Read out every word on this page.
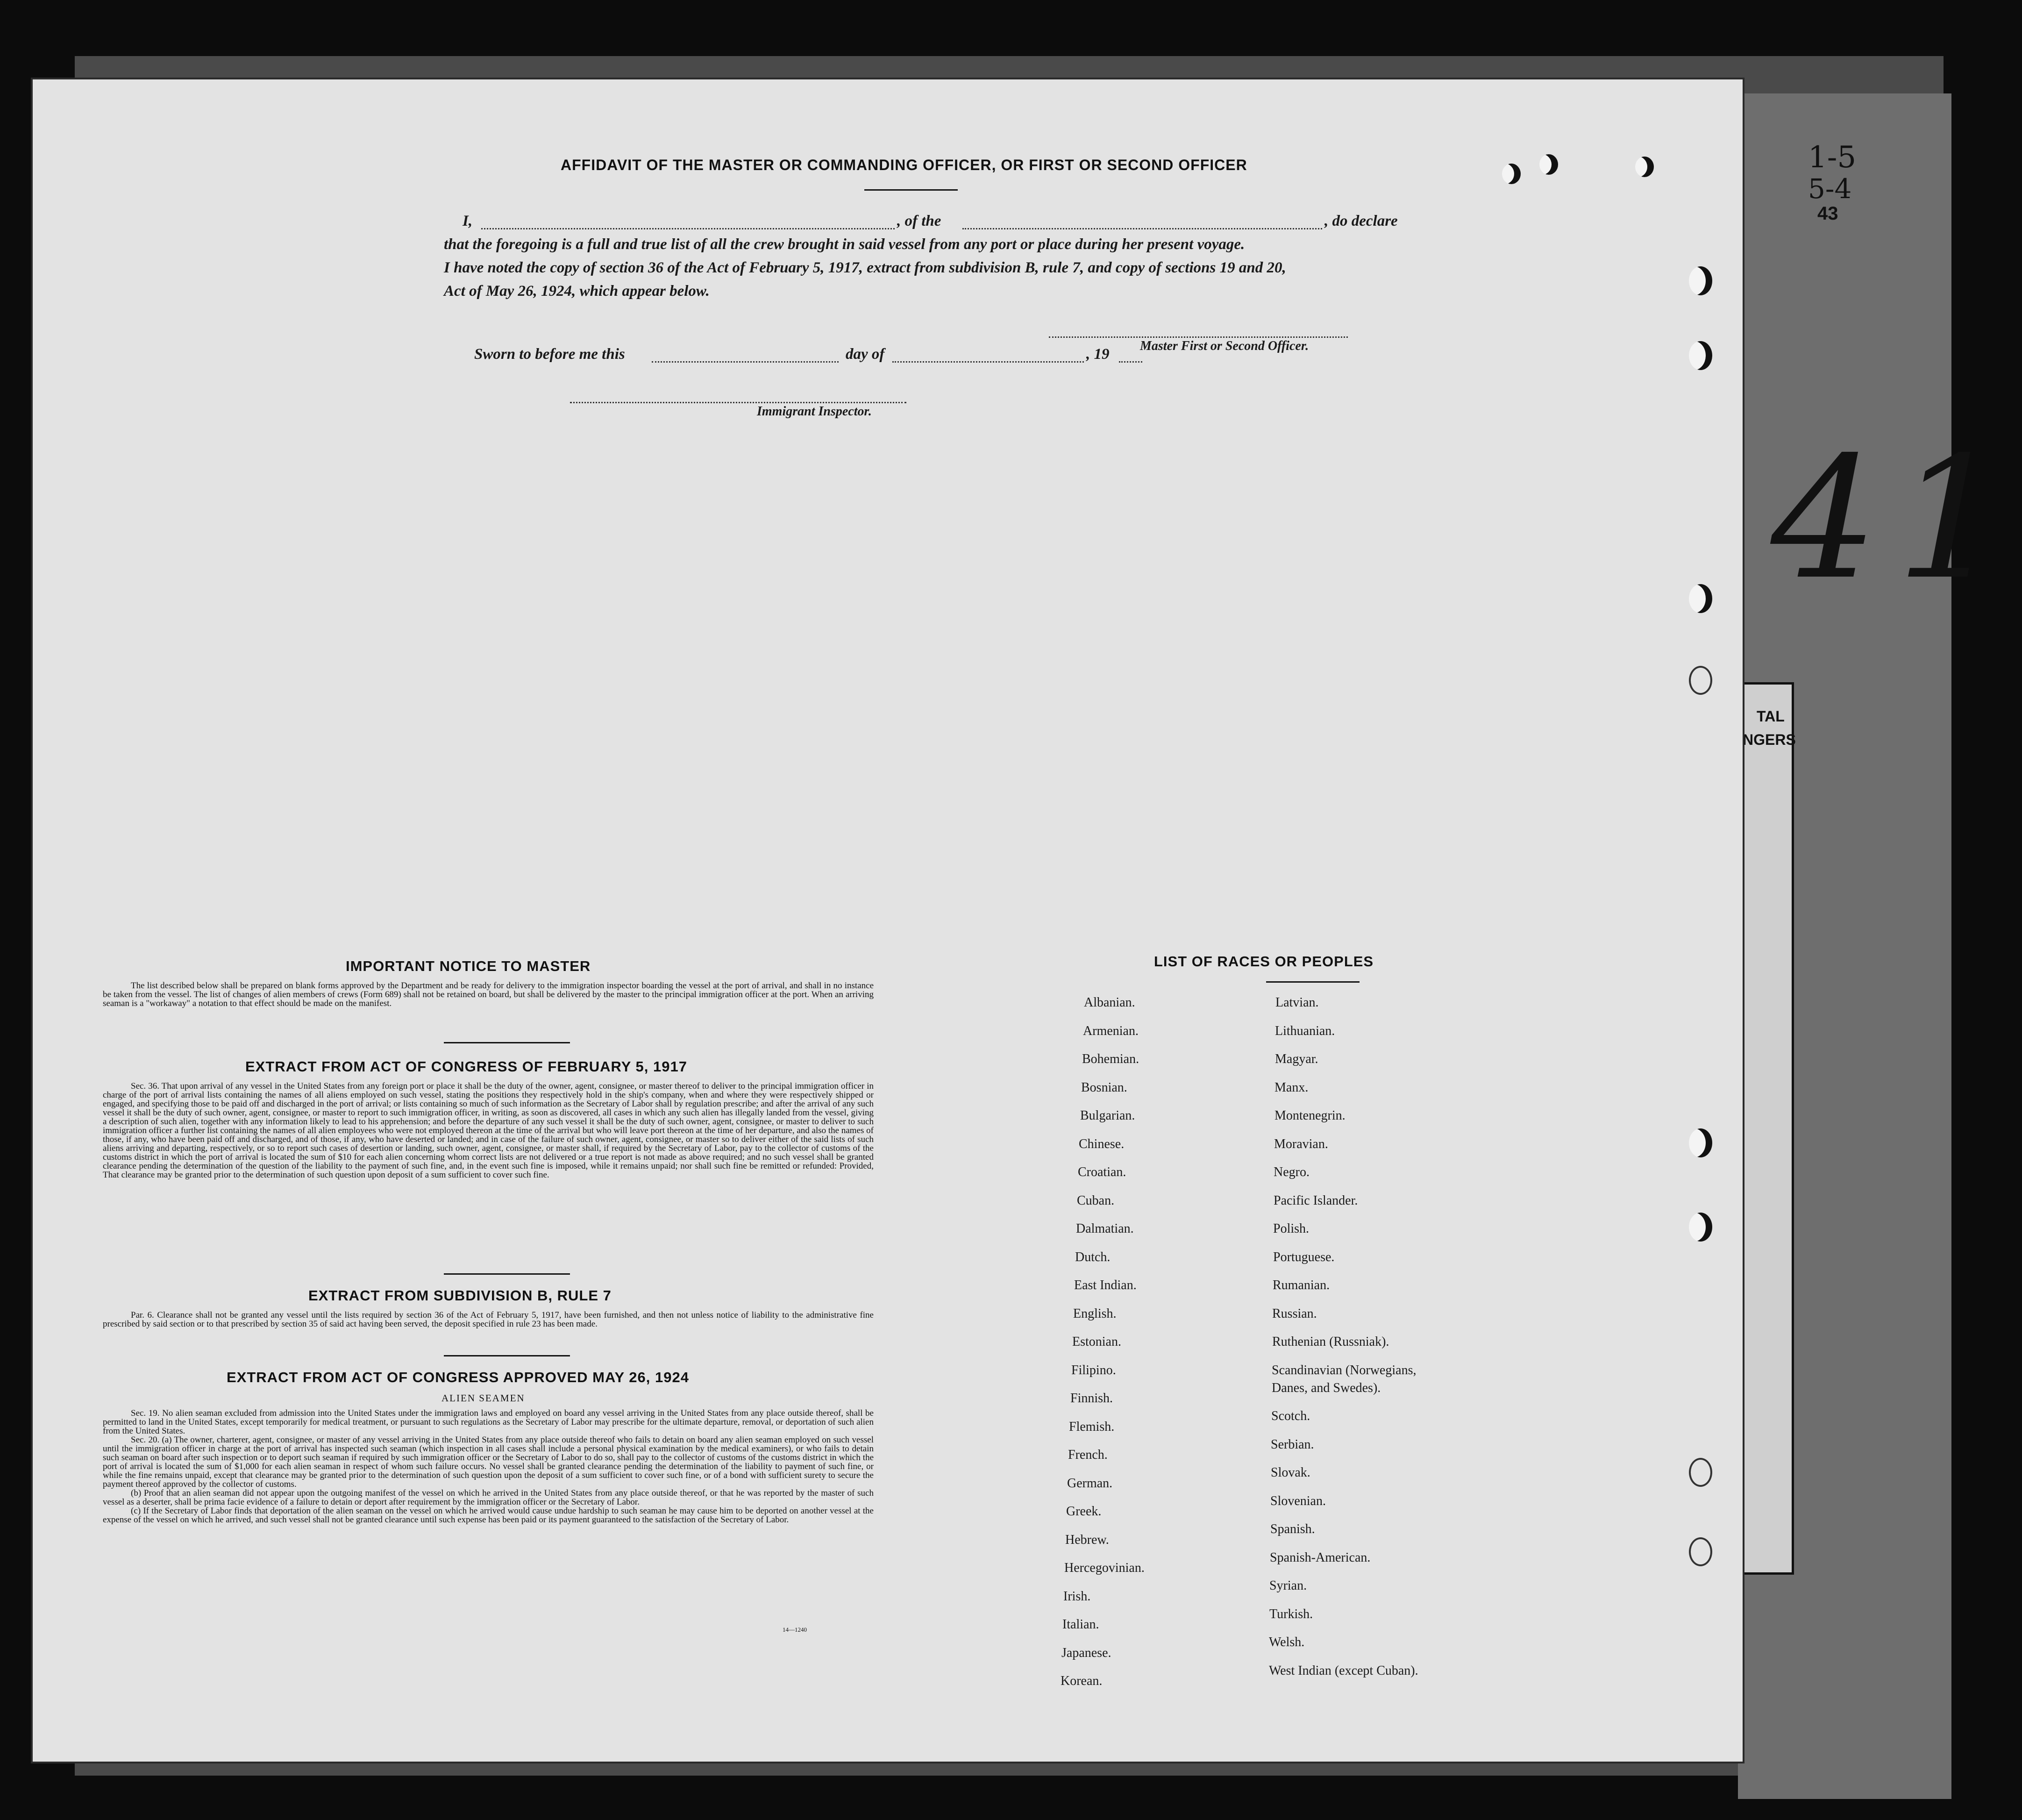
TAL
NGERS
1-5
5-4
43
41
AFFIDAVIT OF THE MASTER OR COMMANDING OFFICER, OR FIRST OR SECOND OFFICER
I,	, of the	, do declare
that the foregoing is a full and true list of all the crew brought in said vessel from any port or place during her present voyage.
I have noted the copy of section 36 of the Act of February 5, 1917, extract from subdivision B, rule 7, and copy of sections 19 and 20,
Act of May 26, 1924, which appear below.
Master First or Second Officer.
Sworn to before me this	day of	, 19
Immigrant Inspector.
IMPORTANT NOTICE TO MASTER

The list described below shall be prepared on blank forms approved by the Department and be ready for delivery to the immigration inspector boarding the vessel at the port of arrival, and shall in no instance be taken from the vessel. The list of changes of alien members of crews (Form 689) shall not be retained on board, but shall be delivered by the master to the principal immigration officer at the port. When an arriving seaman is a "workaway" a notation to that effect should be made on the manifest.

EXTRACT FROM ACT OF CONGRESS OF FEBRUARY 5, 1917

Sec. 36. That upon arrival of any vessel in the United States from any foreign port or place it shall be the duty of the owner, agent, consignee, or master thereof to deliver to the principal immigration officer in charge of the port of arrival lists containing the names of all aliens employed on such vessel, stating the positions they respectively hold in the ship's company, when and where they were respectively shipped or engaged, and specifying those to be paid off and discharged in the port of arrival; or lists containing so much of such information as the Secretary of Labor shall by regulation prescribe; and after the arrival of any such vessel it shall be the duty of such owner, agent, consignee, or master to report to such immigration officer, in writing, as soon as discovered, all cases in which any such alien has illegally landed from the vessel, giving a description of such alien, together with any information likely to lead to his apprehension; and before the departure of any such vessel it shall be the duty of such owner, agent, consignee, or master to deliver to such immigration officer a further list containing the names of all alien employees who were not employed thereon at the time of the arrival but who will leave port thereon at the time of her departure, and also the names of those, if any, who have been paid off and discharged, and of those, if any, who have deserted or landed; and in case of the failure of such owner, agent, consignee, or master so to deliver either of the said lists of such aliens arriving and departing, respectively, or so to report such cases of desertion or landing, such owner, agent, consignee, or master shall, if required by the Secretary of Labor, pay to the collector of customs of the customs district in which the port of arrival is located the sum of $10 for each alien concerning whom correct lists are not delivered or a true report is not made as above required; and no such vessel shall be granted clearance pending the determination of the question of the liability to the payment of such fine, and, in the event such fine is imposed, while it remains unpaid; nor shall such fine be remitted or refunded: Provided, That clearance may be granted prior to the determination of such question upon deposit of a sum sufficient to cover such fine.

EXTRACT FROM SUBDIVISION B, RULE 7

Par. 6. Clearance shall not be granted any vessel until the lists required by section 36 of the Act of February 5, 1917, have been furnished, and then not unless notice of liability to the administrative fine prescribed by said section or to that prescribed by section 35 of said act having been served, the deposit specified in rule 23 has been made.

EXTRACT FROM ACT OF CONGRESS APPROVED MAY 26, 1924
ALIEN SEAMEN

Sec. 19. No alien seaman excluded from admission into the United States under the immigration laws and employed on board any vessel arriving in the United States from any place outside thereof, shall be permitted to land in the United States, except temporarily for medical treatment, or pursuant to such regulations as the Secretary of Labor may prescribe for the ultimate departure, removal, or deportation of such alien from the United States.

Sec. 20. (a) The owner, charterer, agent, consignee, or master of any vessel arriving in the United States from any place outside thereof who fails to detain on board any alien seaman employed on such vessel until the immigration officer in charge at the port of arrival has inspected such seaman (which inspection in all cases shall include a personal physical examination by the medical examiners), or who fails to detain such seaman on board after such inspection or to deport such seaman if required by such immigration officer or the Secretary of Labor to do so, shall pay to the collector of customs of the customs district in which the port of arrival is located the sum of $1,000 for each alien seaman in respect of whom such failure occurs. No vessel shall be granted clearance pending the determination of the liability to payment of such fine, or while the fine remains unpaid, except that clearance may be granted prior to the determination of such question upon the deposit of a sum sufficient to cover such fine, or of a bond with sufficient surety to secure the payment thereof approved by the collector of customs.

(b) Proof that an alien seaman did not appear upon the outgoing manifest of the vessel on which he arrived in the United States from any place outside thereof, or that he was reported by the master of such vessel as a deserter, shall be prima facie evidence of a failure to detain or deport after requirement by the immigration officer or the Secretary of Labor.

(c) If the Secretary of Labor finds that deportation of the alien seaman on the vessel on which he arrived would cause undue hardship to such seaman he may cause him to be deported on another vessel at the expense of the vessel on which he arrived, and such vessel shall not be granted clearance until such expense has been paid or its payment guaranteed to the satisfaction of the Secretary of Labor.

14—1240
LIST OF RACES OR PEOPLES
Albanian.
Armenian.
Bohemian.
Bosnian.
Bulgarian.
Chinese.
Croatian.
Cuban.
Dalmatian.
Dutch.
East Indian.
English.
Estonian.
Filipino.
Finnish.
Flemish.
French.
German.
Greek.
Hebrew.
Hercegovinian.
Irish.
Italian.
Japanese.
Korean.
Latvian.
Lithuanian.
Magyar.
Manx.
Montenegrin.
Moravian.
Negro.
Pacific Islander.
Polish.
Portuguese.
Rumanian.
Russian.
Ruthenian (Russniak).
Scandinavian (Norwegians,
Danes, and Swedes).
Scotch.
Serbian.
Slovak.
Slovenian.
Spanish.
Spanish-American.
Syrian.
Turkish.
Welsh.
West Indian (except Cuban).
